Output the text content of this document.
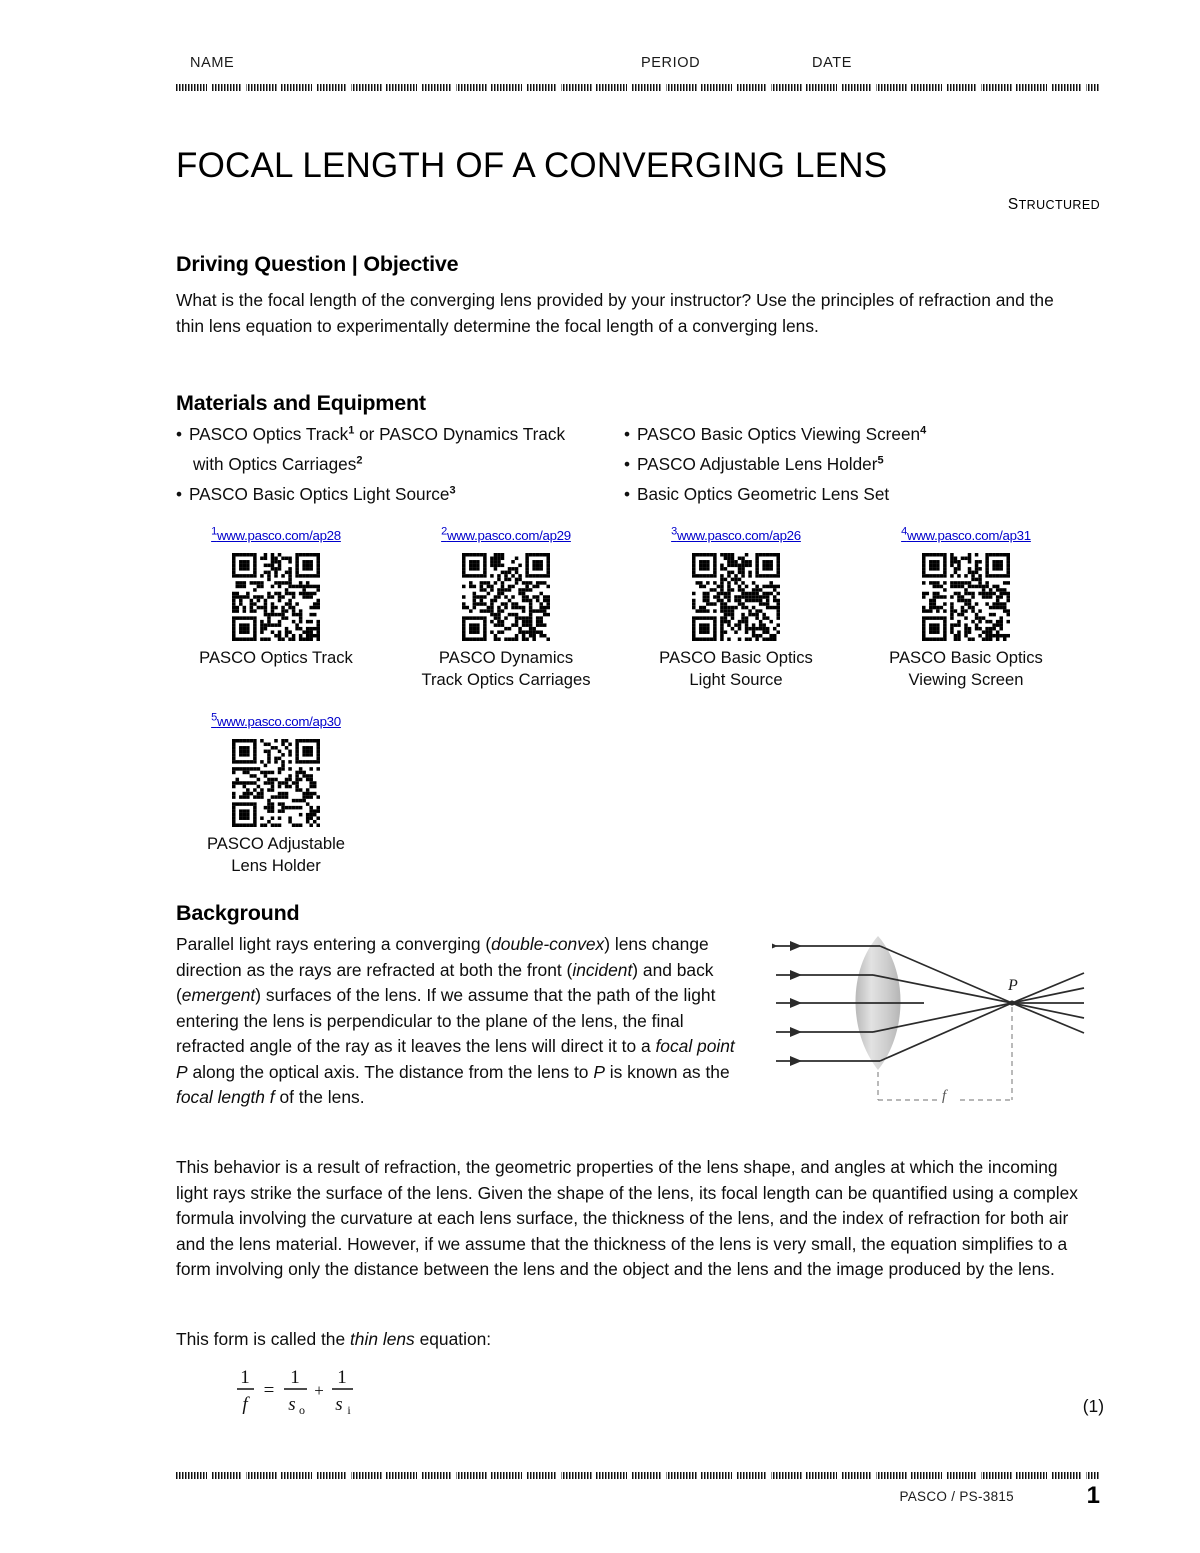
NAME	PERIOD	DATE
FOCAL LENGTH OF A CONVERGING LENS
STRUCTURED
Driving Question | Objective
What is the focal length of the converging lens provided by your instructor? Use the principles of refraction and the thin lens equation to experimentally determine the focal length of a converging lens.
Materials and Equipment
• PASCO Optics Track$^1$ or PASCO Dynamics Track
with Optics Carriages$^2$
• PASCO Basic Optics Light Source$^3$
• PASCO Basic Optics Viewing Screen$^4$
• PASCO Adjustable Lens Holder$^5$
• Basic Optics Geometric Lens Set
$^1$www.pasco.com/ap28
PASCO Optics Track
$^2$www.pasco.com/ap29
PASCO Dynamics
Track Optics Carriages
$^3$www.pasco.com/ap26
PASCO Basic Optics
Light Source
$^4$www.pasco.com/ap31
PASCO Basic Optics
Viewing Screen
$^5$www.pasco.com/ap30
PASCO Adjustable
Lens Holder
Background
Parallel light rays entering a converging (double-convex) lens change direction as the rays are refracted at both the front (incident) and back (emergent) surfaces of the lens. If we assume that the path of the light entering the lens is perpendicular to the plane of the lens, the final refracted angle of the ray as it leaves the lens will direct it to a focal point P along the optical axis. The distance from the lens to P is known as the focal length f of the lens.
P
f
This behavior is a result of refraction, the geometric properties of the lens shape, and angles at which the incoming light rays strike the surface of the lens. Given the shape of the lens, its focal length can be quantified using a complex formula involving the curvature at each lens surface, the thickness of the lens, and the index of refraction for both air and the lens material. However, if we assume that the thickness of the lens is very small, the equation simplifies to a form involving only the distance between the lens and the object and the lens and the image produced by the lens.
This form is called the thin lens equation:
1
f
=
1
s o
+
1
s i	(1)
PASCO / PS-3815	1
